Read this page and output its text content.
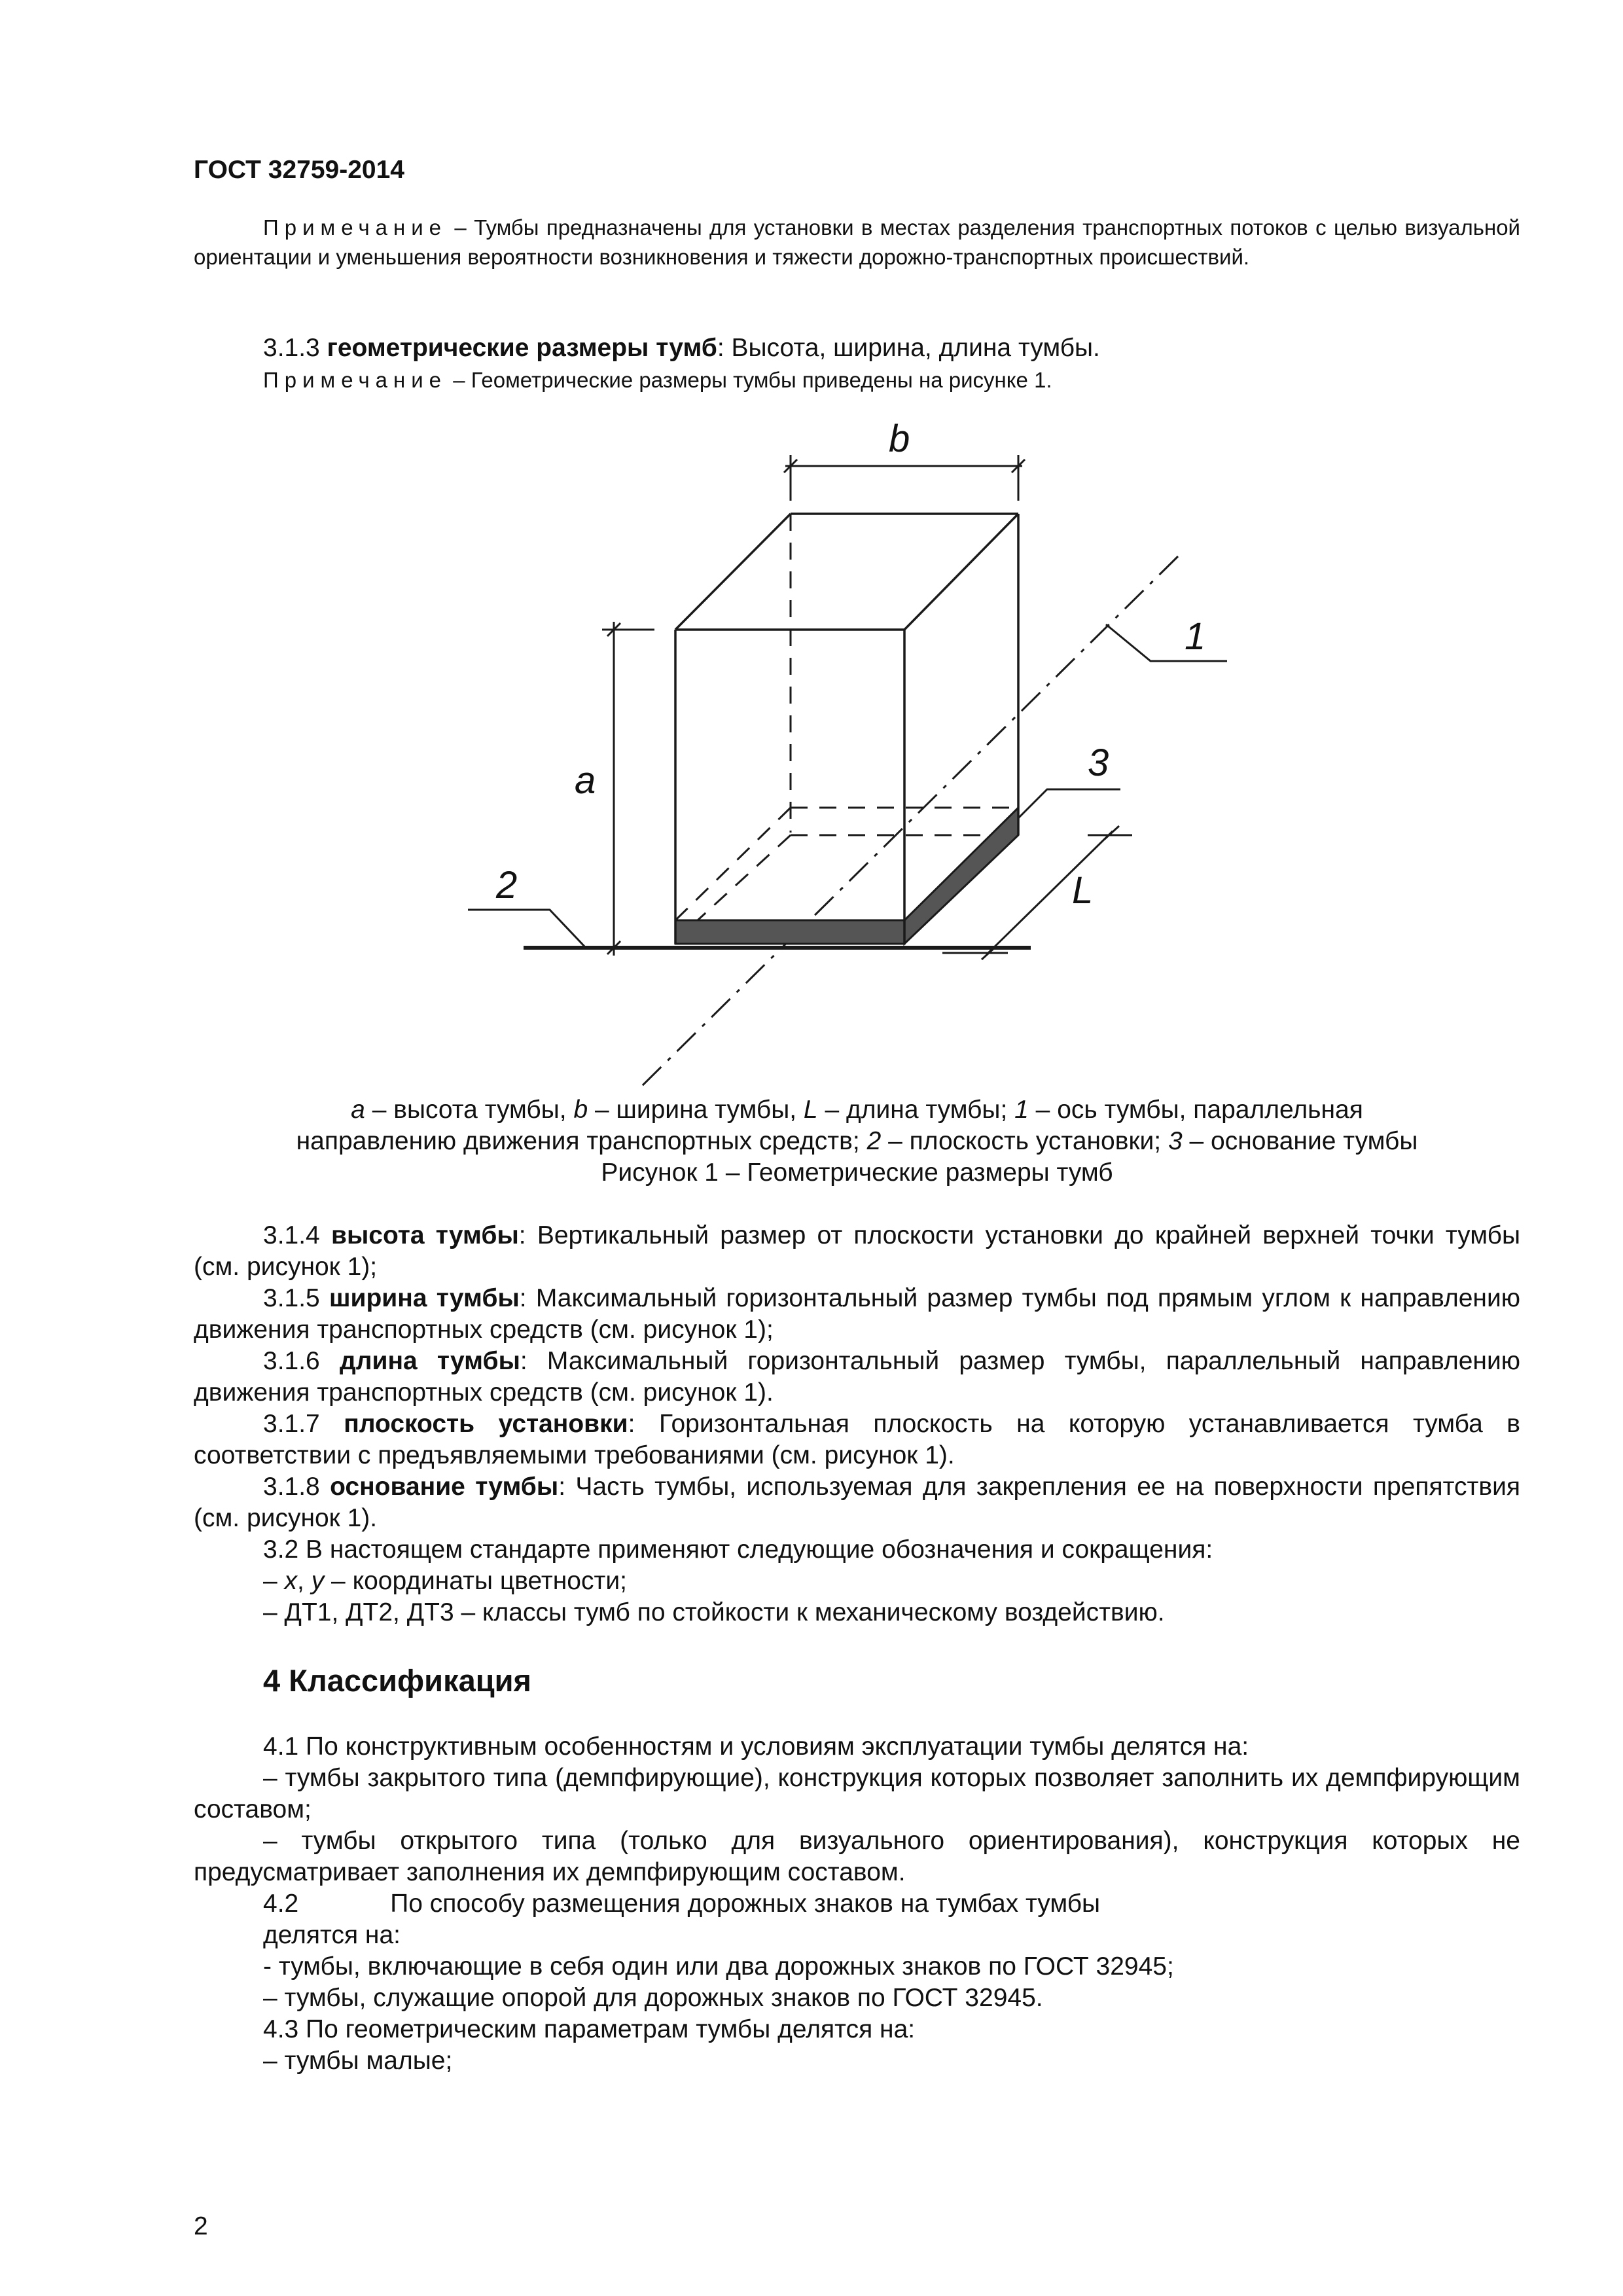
ГОСТ 32759-2014

Примечание – Тумбы предназначены для установки в местах разделения транспортных потоков с целью визуальной ориентации и уменьшения вероятности возникновения и тяжести дорожно-транспортных происшествий.

3.1.3 геометрические размеры тумб: Высота, ширина, длина тумбы.

Примечание – Геометрические размеры тумбы приведены на рисунке 1.

b
a
L
1
2
3
a – высота тумбы, b – ширина тумбы, L – длина тумбы; 1 – ось тумбы, параллельная
направлению движения транспортных средств; 2 – плоскость установки; 3 – основание тумбы
Рисунок 1 – Геометрические размеры тумб

3.1.4 высота тумбы: Вертикальный размер от плоскости установки до крайней верхней точки тумбы (см. рисунок 1);

3.1.5 ширина тумбы: Максимальный горизонтальный размер тумбы под прямым углом к направлению движения транспортных средств (см. рисунок 1);

3.1.6 длина тумбы: Максимальный горизонтальный размер тумбы, параллельный направлению движения транспортных средств (см. рисунок 1).

3.1.7 плоскость установки: Горизонтальная плоскость на которую устанавливается тумба в соответствии с предъявляемыми требованиями (см. рисунок 1).

3.1.8 основание тумбы: Часть тумбы, используемая для закрепления ее на поверхности препятствия (см. рисунок 1).

3.2 В настоящем стандарте применяют следующие обозначения и сокращения:

– x, y – координаты цветности;

– ДТ1, ДТ2, ДТ3 – классы тумб по стойкости к механическому воздействию.

4 Классификация

4.1 По конструктивным особенностям и условиям эксплуатации тумбы делятся на:

– тумбы закрытого типа (демпфирующие), конструкция которых позволяет заполнить их демпфирующим составом;

– тумбы открытого типа (только для визуального ориентирования), конструкция которых не предусматривает заполнения их демпфирующим составом.

4.2	По способу размещения дорожных знаков на тумбах тумбы

делятся на:

- тумбы, включающие в себя один или два дорожных знаков по ГОСТ 32945;

– тумбы, служащие опорой для дорожных знаков по ГОСТ 32945.

4.3 По геометрическим параметрам тумбы делятся на:

– тумбы малые;

2
